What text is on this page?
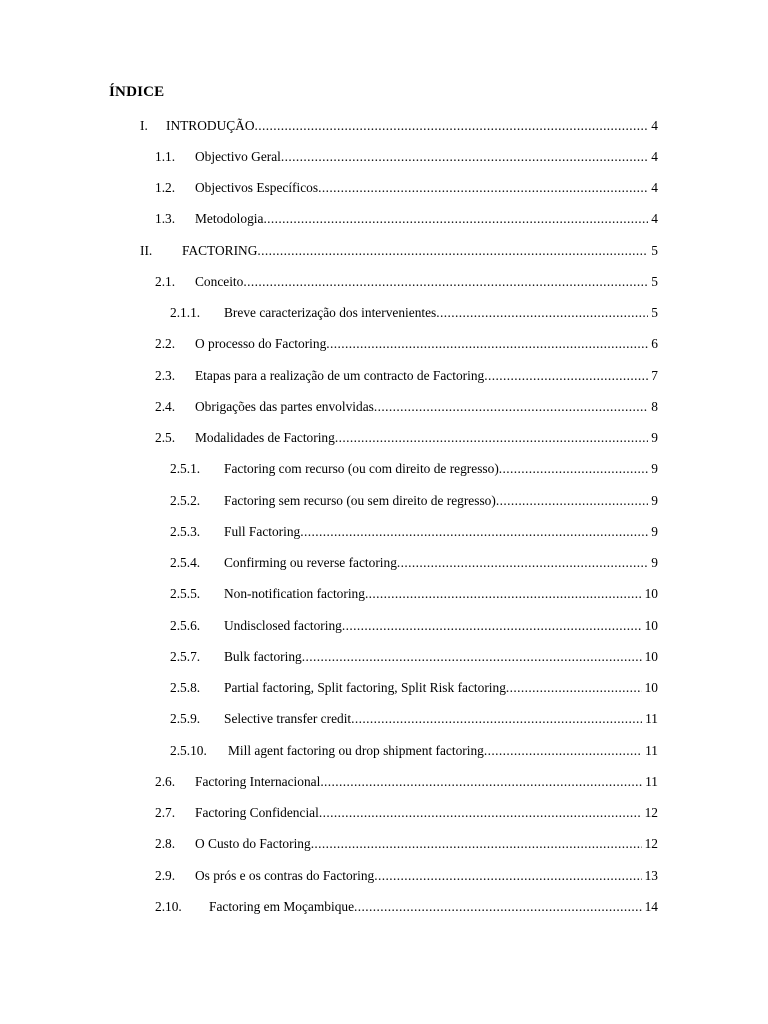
ÍNDICE
I.	INTRODUÇÃO .....	4
1.1.	Objectivo Geral .....	4
1.2.	Objectivos Específicos .....	4
1.3.	Metodologia .....	4
II.	FACTORING .....	5
2.1.	Conceito .....	5
2.1.1.	Breve caracterização dos intervenientes .....	5
2.2.	O processo do Factoring .....	6
2.3.	Etapas para a realização de um contracto de Factoring .....	7
2.4.	Obrigações das partes envolvidas .....	8
2.5.	Modalidades de Factoring .....	9
2.5.1.	Factoring com recurso (ou com direito de regresso) .....	9
2.5.2.	Factoring sem recurso (ou sem direito de regresso) .....	9
2.5.3.	Full Factoring .....	9
2.5.4.	Confirming ou reverse factoring .....	9
2.5.5.	Non-notification factoring .....	10
2.5.6.	Undisclosed factoring .....	10
2.5.7.	Bulk factoring .....	10
2.5.8.	Partial factoring, Split factoring, Split Risk factoring .....	10
2.5.9.	Selective transfer credit .....	11
2.5.10.	Mill agent factoring ou drop shipment factoring .....	11
2.6.	Factoring Internacional .....	11
2.7.	Factoring Confidencial .....	12
2.8.	O Custo do Factoring .....	12
2.9.	Os prós e os contras do Factoring .....	13
2.10.	Factoring em Moçambique .....	14
